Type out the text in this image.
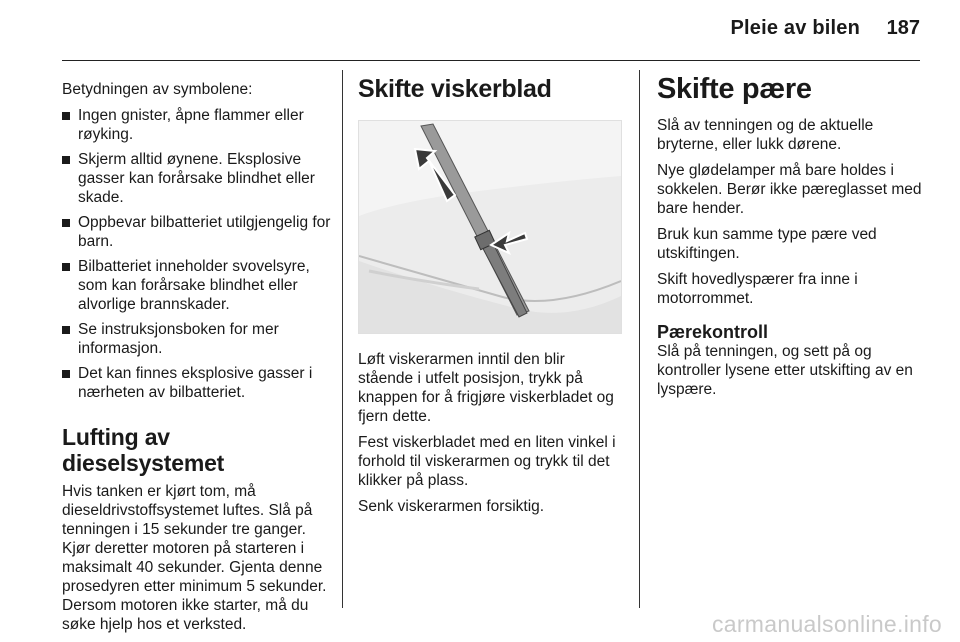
Pleie av bilen 187

Betydningen av symbolene:

Ingen gnister, åpne flammer eller røyking.
Skjerm alltid øynene. Eksplosive gasser kan forårsake blindhet eller skade.
Oppbevar bilbatteriet utilgjengelig for barn.
Bilbatteriet inneholder svovelsyre, som kan forårsake blindhet eller alvorlige brannskader.
Se instruksjonsboken for mer informasjon.
Det kan finnes eksplosive gasser i nærheten av bilbatteriet.
Lufting av dieselsystemet

Hvis tanken er kjørt tom, må dieseldrivstoffsystemet luftes. Slå på tenningen i 15 sekunder tre ganger. Kjør deretter motoren på starteren i maksimalt 40 sekunder. Gjenta denne prosedyren etter minimum 5 sekunder. Dersom motoren ikke starter, må du søke hjelp hos et verksted.

Skifte viskerblad

Løft viskerarmen inntil den blir stående i utfelt posisjon, trykk på knappen for å frigjøre viskerbladet og fjern dette.

Fest viskerbladet med en liten vinkel i forhold til viskerarmen og trykk til det klikker på plass.

Senk viskerarmen forsiktig.

Skifte pære

Slå av tenningen og de aktuelle bryterne, eller lukk dørene.

Nye glødelamper må bare holdes i sokkelen. Berør ikke pæreglasset med bare hender.

Bruk kun samme type pære ved utskiftingen.

Skift hovedlyspærer fra inne i motorrommet.

Pærekontroll

Slå på tenningen, og sett på og kontroller lysene etter utskifting av en lyspære.

carmanualsonline.info
